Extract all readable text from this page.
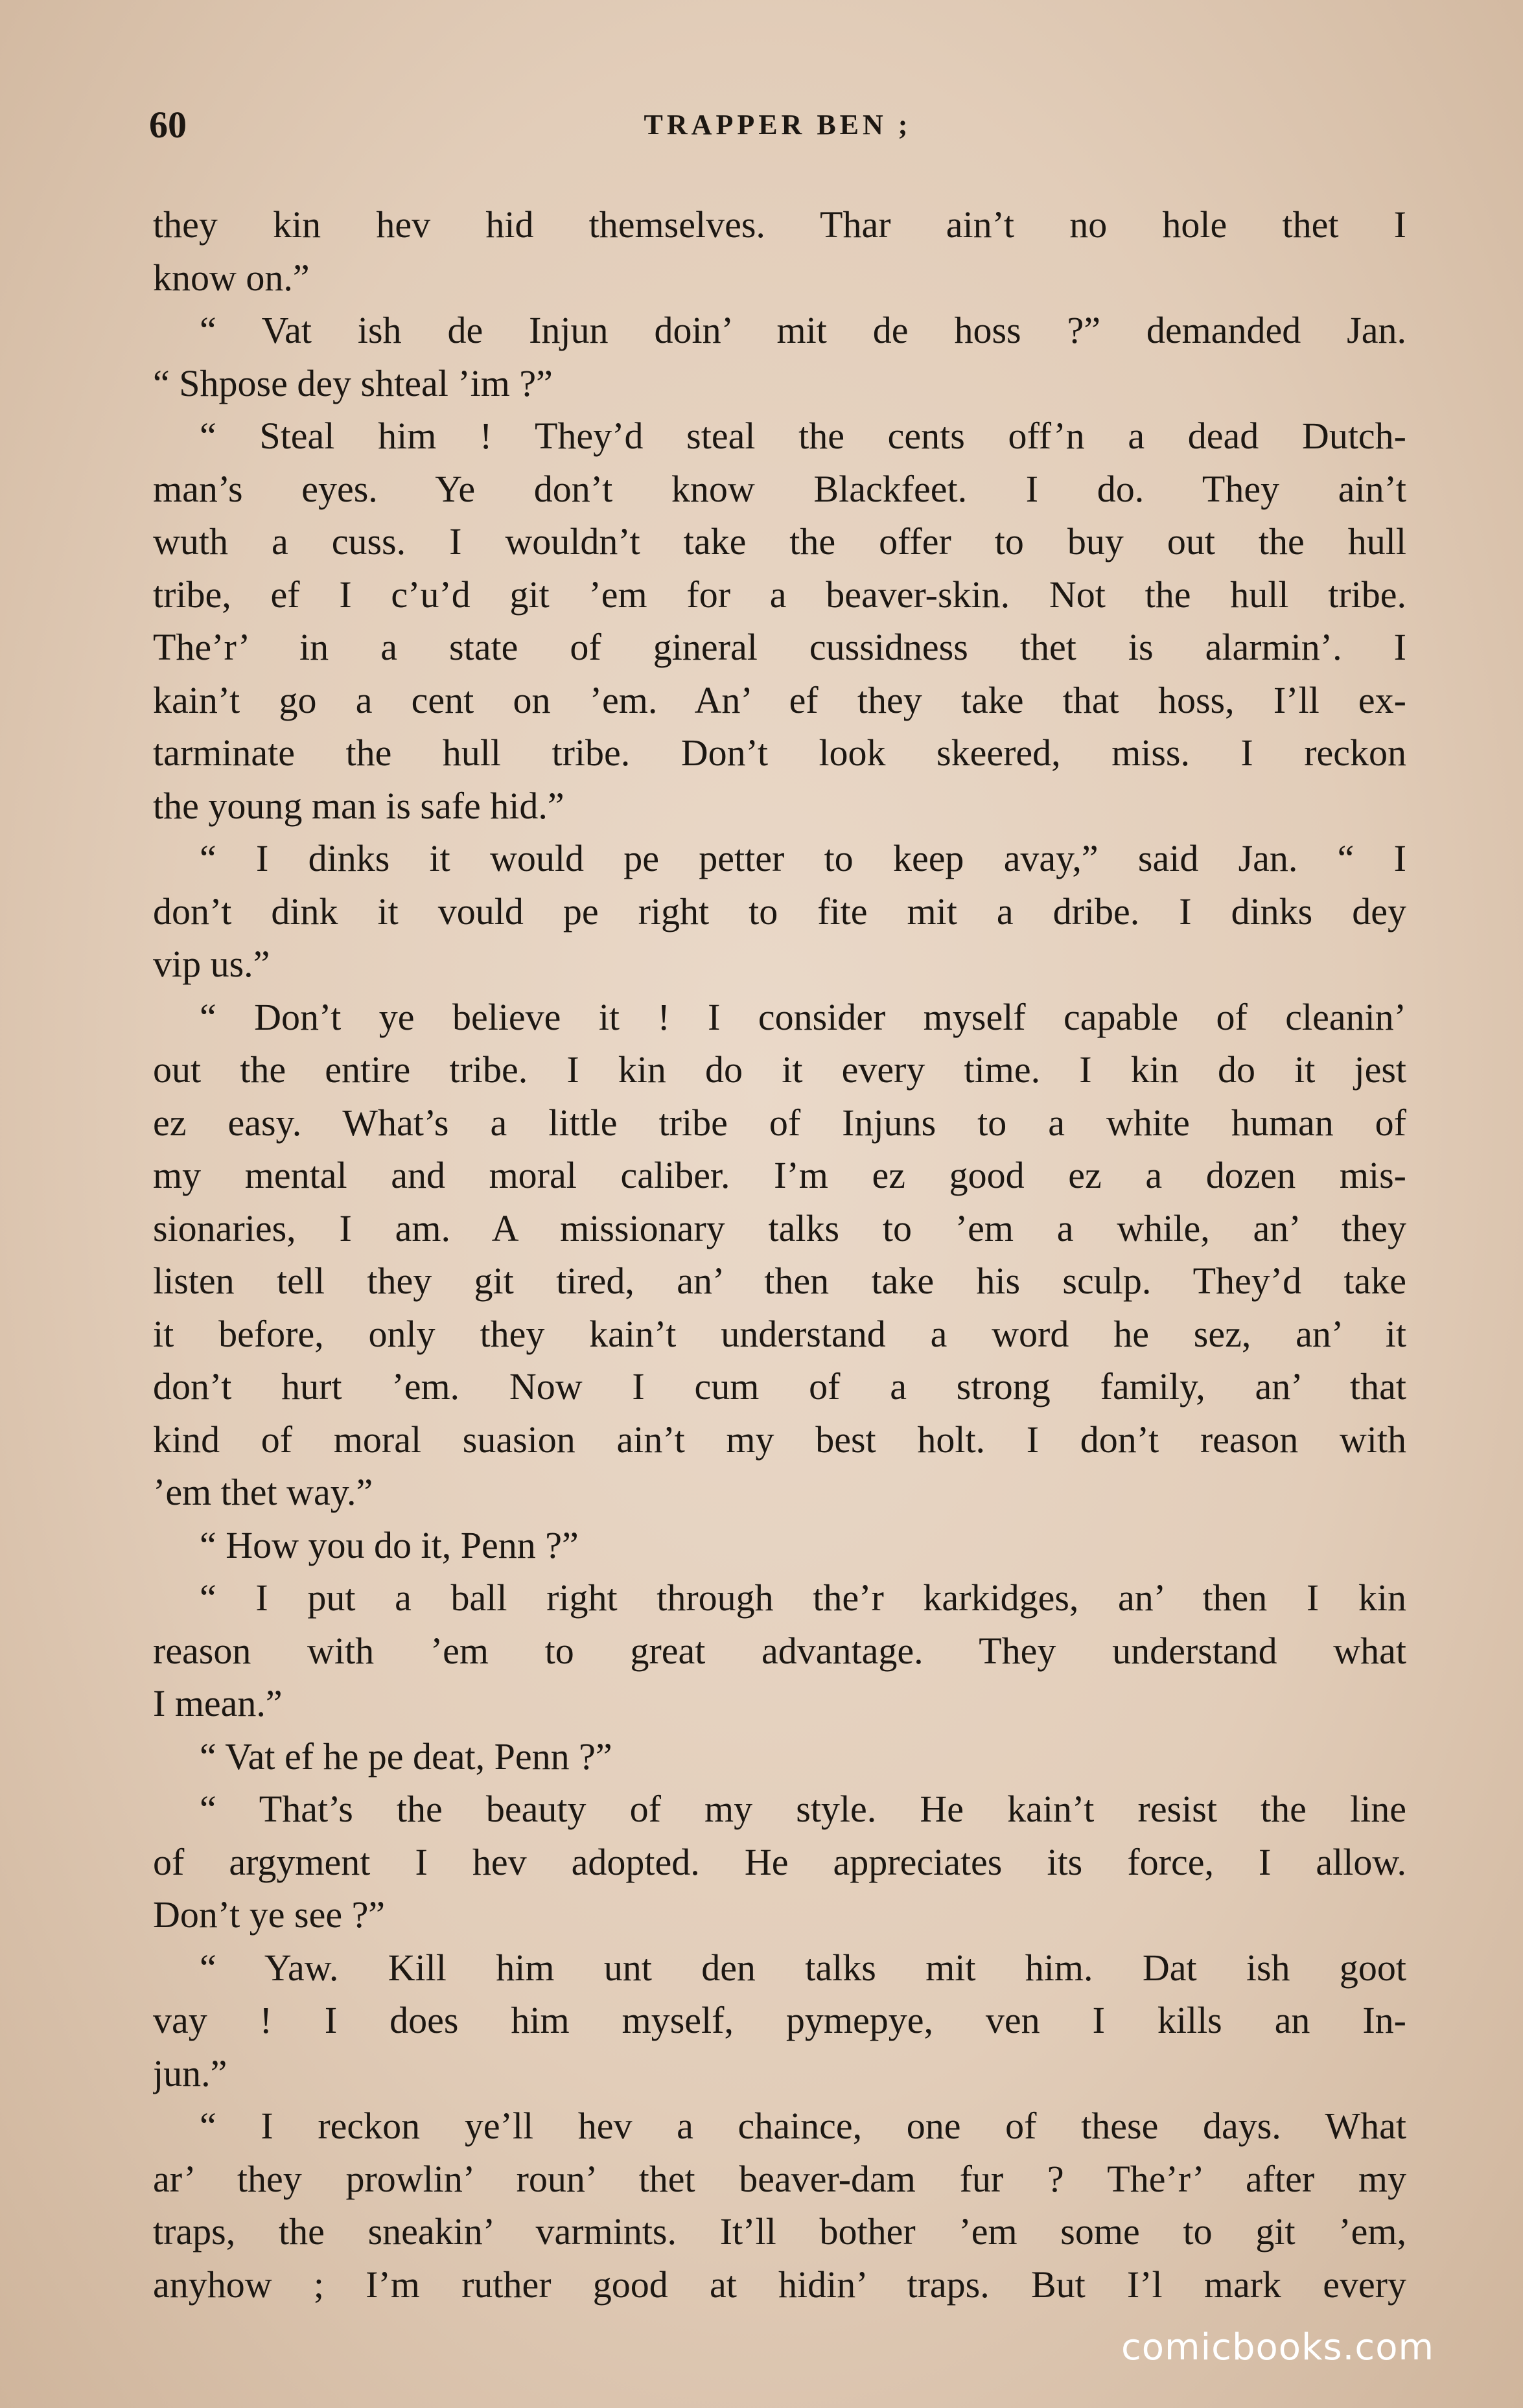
60	TRAPPER BEN ;
they kin hev hid themselves. Thar ain’t no hole thet I
know on.”
“ Vat ish de Injun doin’ mit de hoss ?” demanded Jan.
“ Shpose dey shteal ’im ?”
“ Steal him ! They’d steal the cents off’n a dead Dutch-
man’s eyes. Ye don’t know Blackfeet. I do. They ain’t
wuth a cuss. I wouldn’t take the offer to buy out the hull
tribe, ef I c’u’d git ’em for a beaver-skin. Not the hull tribe.
The’r’ in a state of gineral cussidness thet is alarmin’. I
kain’t go a cent on ’em. An’ ef they take that hoss, I’ll ex-
tarminate the hull tribe. Don’t look skeered, miss. I reckon
the young man is safe hid.”
“ I dinks it would pe petter to keep avay,” said Jan. “ I
don’t dink it vould pe right to fite mit a dribe. I dinks dey
vip us.”
“ Don’t ye believe it ! I consider myself capable of cleanin’
out the entire tribe. I kin do it every time. I kin do it jest
ez easy. What’s a little tribe of Injuns to a white human of
my mental and moral caliber. I’m ez good ez a dozen mis-
sionaries, I am. A missionary talks to ’em a while, an’ they
listen tell they git tired, an’ then take his sculp. They’d take
it before, only they kain’t understand a word he sez, an’ it
don’t hurt ’em. Now I cum of a strong family, an’ that
kind of moral suasion ain’t my best holt. I don’t reason with
’em thet way.”
“ How you do it, Penn ?”
“ I put a ball right through the’r karkidges, an’ then I kin
reason with ’em to great advantage. They understand what
I mean.”
“ Vat ef he pe deat, Penn ?”
“ That’s the beauty of my style. He kain’t resist the line
of argyment I hev adopted. He appreciates its force, I allow.
Don’t ye see ?”
“ Yaw. Kill him unt den talks mit him. Dat ish goot
vay ! I does him myself, pymepye, ven I kills an In-
jun.”
“ I reckon ye’ll hev a chaince, one of these days. What
ar’ they prowlin’ roun’ thet beaver-dam fur ? The’r’ after my
traps, the sneakin’ varmints. It’ll bother ’em some to git ’em,
anyhow ; I’m ruther good at hidin’ traps. But I’l mark every
comicbooks.com
